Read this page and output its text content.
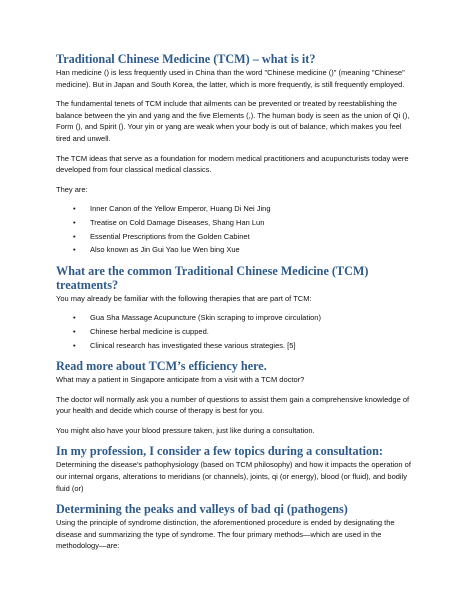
Traditional Chinese Medicine (TCM) – what is it?

Han medicine () is less frequently used in China than the word "Chinese medicine ()" (meaning "Chinese" medicine). But in Japan and South Korea, the latter, which is more frequently, is still frequently employed.

The fundamental tenets of TCM include that ailments can be prevented or treated by reestablishing the balance between the yin and yang and the five Elements (,). The human body is seen as the union of Qi (), Form (), and Spirit (). Your yin or yang are weak when your body is out of balance, which makes you feel tired and unwell.

The TCM ideas that serve as a foundation for modern medical practitioners and acupuncturists today were developed from four classical medical classics.

They are:

• Inner Canon of the Yellow Emperor, Huang Di Nei Jing
• Treatise on Cold Damage Diseases, Shang Han Lun
• Essential Prescriptions from the Golden Cabinet
• Also known as Jin Gui Yao lue Wen bing Xue
What are the common Traditional Chinese Medicine (TCM) treatments?

You may already be familiar with the following therapies that are part of TCM:

• Gua Sha Massage Acupuncture (Skin scraping to improve circulation)
• Chinese herbal medicine is cupped.
• Clinical research has investigated these various strategies. [5]
Read more about TCM’s efficiency here.

What may a patient in Singapore anticipate from a visit with a TCM doctor?

The doctor will normally ask you a number of questions to assist them gain a comprehensive knowledge of your health and decide which course of therapy is best for you.

You might also have your blood pressure taken, just like during a consultation.

In my profession, I consider a few topics during a consultation:

Determining the disease’s pathophysiology (based on TCM philosophy) and how it impacts the operation of our internal organs, alterations to meridians (or channels), joints, qi (or energy), blood (or fluid), and bodily fluid (or)

Determining the peaks and valleys of bad qi (pathogens)

Using the principle of syndrome distinction, the aforementioned procedure is ended by designating the disease and summarizing the type of syndrome. The four primary methods—which are used in the methodology—are:
